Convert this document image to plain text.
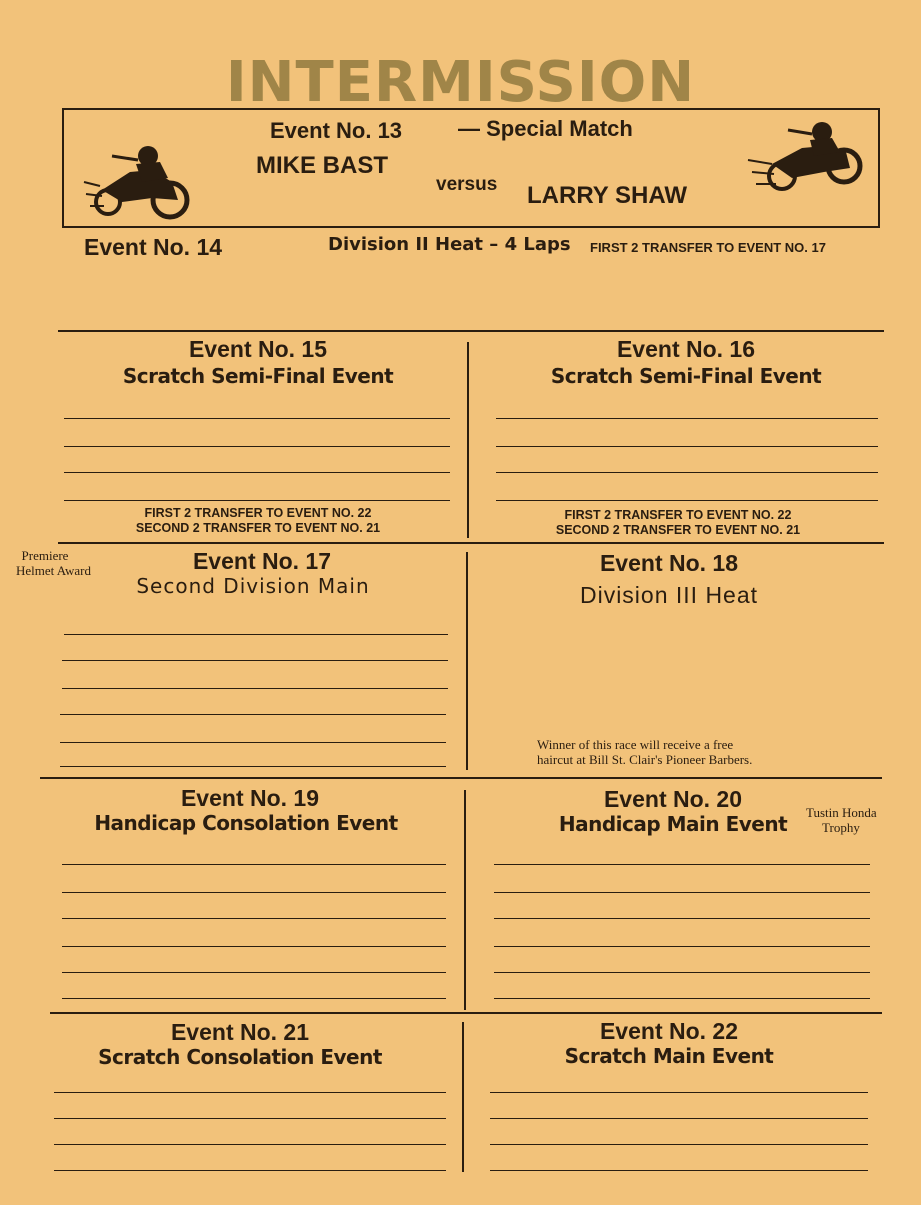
INTERMISSION
Event No. 13	— Special Match
MIKE BAST
versus LARRY SHAW
Event No. 14	Division II Heat – 4 Laps FIRST 2 TRANSFER TO EVENT NO. 17
Event No. 15
Scratch Semi-Final Event
FIRST 2 TRANSFER TO EVENT NO. 22
SECOND 2 TRANSFER TO EVENT NO. 21
Event No. 16
Scratch Semi-Final Event
FIRST 2 TRANSFER TO EVENT NO. 22
SECOND 2 TRANSFER TO EVENT NO. 21
Premiere
Helmet Award	Event No. 17
Second Division Main
Event No. 18
Division III Heat
Winner of this race will receive a free
haircut at Bill St. Clair's Pioneer Barbers.
Event No. 19
Handicap Consolation Event
Event No. 20
Handicap Main Event	Tustin Honda
Trophy
Event No. 21
Scratch Consolation Event
Event No. 22
Scratch Main Event
